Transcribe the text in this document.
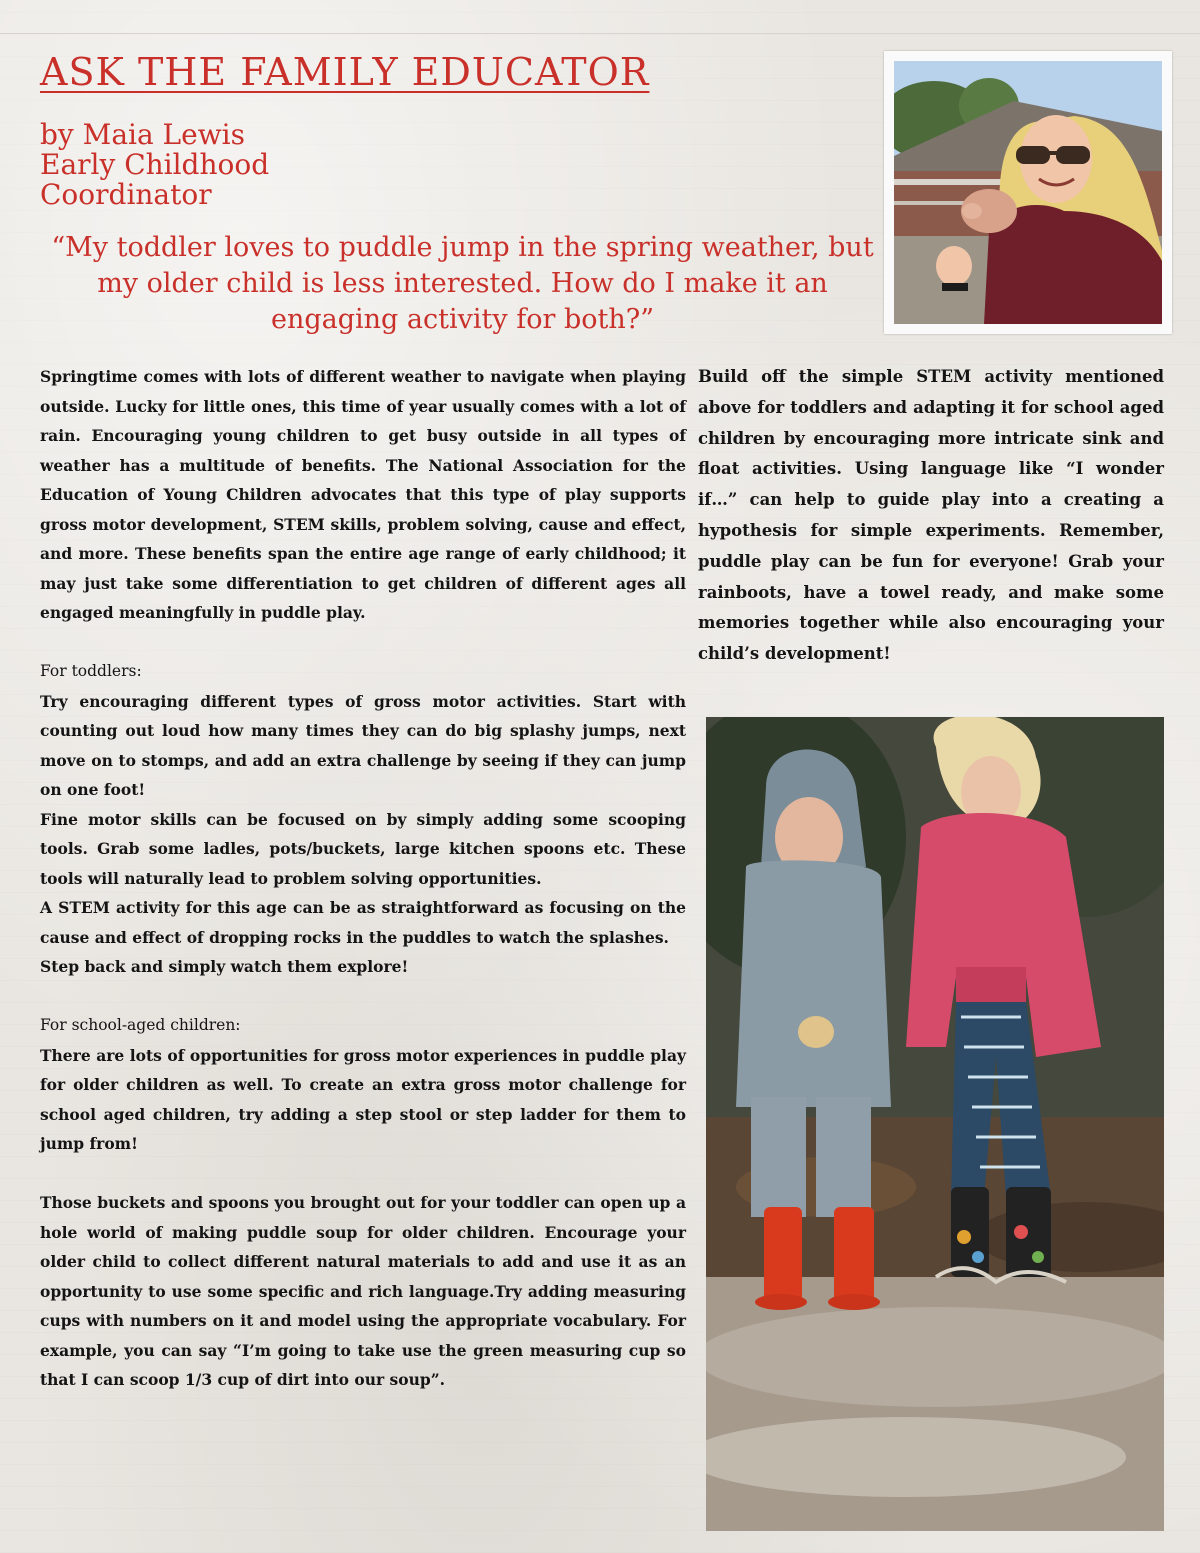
ASK THE FAMILY EDUCATOR
by Maia Lewis
Early Childhood
Coordinator
“My toddler loves to puddle jump in the spring weather, but my older child is less interested. How do I make it an engaging activity for both?”

Springtime comes with lots of different weather to navigate when playing outside. Lucky for little ones, this time of year usually comes with a lot of rain. Encouraging young children to get busy outside in all types of weather has a multitude of benefits. The National Association for the Education of Young Children advocates that this type of play supports gross motor development, STEM skills, problem solving, cause and effect, and more. These benefits span the entire age range of early childhood; it may just take some differentiation to get children of different ages all engaged meaningfully in puddle play.

For toddlers:

Try encouraging different types of gross motor activities. Start with counting out loud how many times they can do big splashy jumps, next move on to stomps, and add an extra challenge by seeing if they can jump on one foot!

Fine motor skills can be focused on by simply adding some scooping tools. Grab some ladles, pots/buckets, large kitchen spoons etc. These tools will naturally lead to problem solving opportunities.

A STEM activity for this age can be as straightforward as focusing on the cause and effect of dropping rocks in the puddles to watch the splashes.

Step back and simply watch them explore!

For school-aged children:

There are lots of opportunities for gross motor experiences in puddle play for older children as well. To create an extra gross motor challenge for school aged children, try adding a step stool or step ladder for them to jump from!

Those buckets and spoons you brought out for your toddler can open up a hole world of making puddle soup for older children. Encourage your older child to collect different natural materials to add and use it as an opportunity to use some specific and rich language.Try adding measuring cups with numbers on it and model using the appropriate vocabulary. For example, you can say “I’m going to take use the green measuring cup so that I can scoop 1/3 cup of dirt into our soup”.

Build off the simple STEM activity mentioned above for toddlers and adapting it for school aged children by encouraging more intricate sink and float activities. Using language like “I wonder if…” can help to guide play into a creating a hypothesis for simple experiments. Remember, puddle play can be fun for everyone! Grab your rainboots, have a towel ready, and make some memories together while also encouraging your child’s development!
